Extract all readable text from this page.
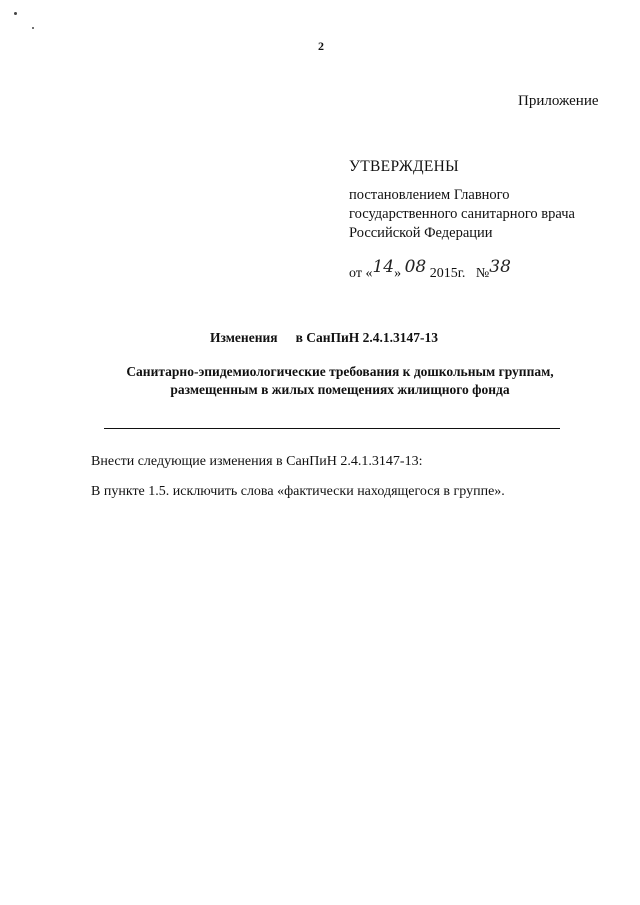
2
Приложение
УТВЕРЖДЕНЫ
постановлением Главного
государственного санитарного врача
Российской Федерации
от «14» 08 2015г. №38
Изменения в СанПиН 2.4.1.3147-13
Санитарно-эпидемиологические требования к дошкольным группам,
размещенным в жилых помещениях жилищного фонда
Внести следующие изменения в СанПиН 2.4.1.3147-13:
В пункте 1.5. исключить слова «фактически находящегося в группе».
